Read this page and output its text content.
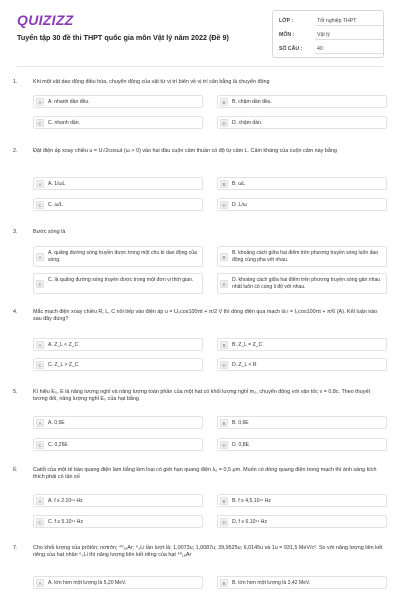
QUIZIZZ
Tuyển tập 30 đề thi THPT quốc gia môn Vật lý năm 2022 (Đề 9)
LỚP :	Tốt nghiệp THPT
MÔN :	Vật lý
SỐ CÂU :	40
1.	Khi một vật dao động điều hòa, chuyển động của vật từ vị trí biên về vị trí cân bằng là chuyển động
A	A. nhanh dần đều.	B	B. chậm dần đều.
C	C. nhanh dần.	D	D. chậm dần.
2.	Đặt điện áp xoay chiều u = U√2cosωt (ω > 0) vào hai đầu cuộn cảm thuần có độ tự cảm L. Cảm kháng của cuộn cảm này bằng
A	A. 1/ωL	B	B. ωL
C	C. ω/L	D	D. L/ω
3.	Bước sóng là
A
A. quãng đường sóng truyền được trong một chu kì dao động của sóng.	B
B. khoảng cách giữa hai điểm trên phương truyền sóng luôn dao động cùng pha với nhau.
C
C. là quãng đường sóng truyền được trong một đơn vị thời gian.
D
D. khoảng cách giữa hai điểm trên phương truyền sóng gần nhau nhất luôn có cùng li độ với nhau.
4.	Mắc mạch điện xoay chiều R, L, C nối tiếp vào điện áp u = U₀cos100πt + π/2 V thì dòng điện qua mạch là i = I₀cos100πt + π/6 (A). Kết luận nào sau đây đúng?
A	A. Z_L < Z_C	B	B. Z_L = Z_C
C	C. Z_L > Z_C	D	D. Z_L < R
5.	Kí hiệu E₀, E là năng lượng nghỉ và năng lượng toàn phần của một hạt có khối lượng nghỉ m₀, chuyển động với vận tốc v = 0,8c. Theo thuyết tương đối, năng lượng nghỉ E₀ của hạt bằng
A	A. 0,5E	B	B. 0,6E
C	C. 0,25E	D	D. 0,8E
6.	Catốt của một tế bào quang điện làm bằng kim loại có giới hạn quang điện λ₀ = 0,5 μm. Muốn có dòng quang điện trong mạch thì ánh sáng kích thích phải có tần số
A	A. f ≥ 2.10¹⁴ Hz	B	B. f ≥ 4,5.10¹⁴ Hz
C	C. f ≥ 5.10¹⁴ Hz	D	D. f ≥ 6.10¹⁴ Hz
7.	Cho khối lượng của prôtôn; nơtrôn; ⁴⁰₁₈Ar; ⁶₃Li lần lượt là: 1,0073u; 1,0087u; 39,9525u; 6,0145u và 1u = 931,5 MeV/c². So với năng lượng liên kết riêng của hạt nhân ⁶₃Li thì năng lượng liên kết riêng của hạt ⁴⁰₁₈Ar
A	A. lớn hơn một lượng là 5,20 MeV.	B	B. lớn hơn một lượng là 3,42 MeV.
